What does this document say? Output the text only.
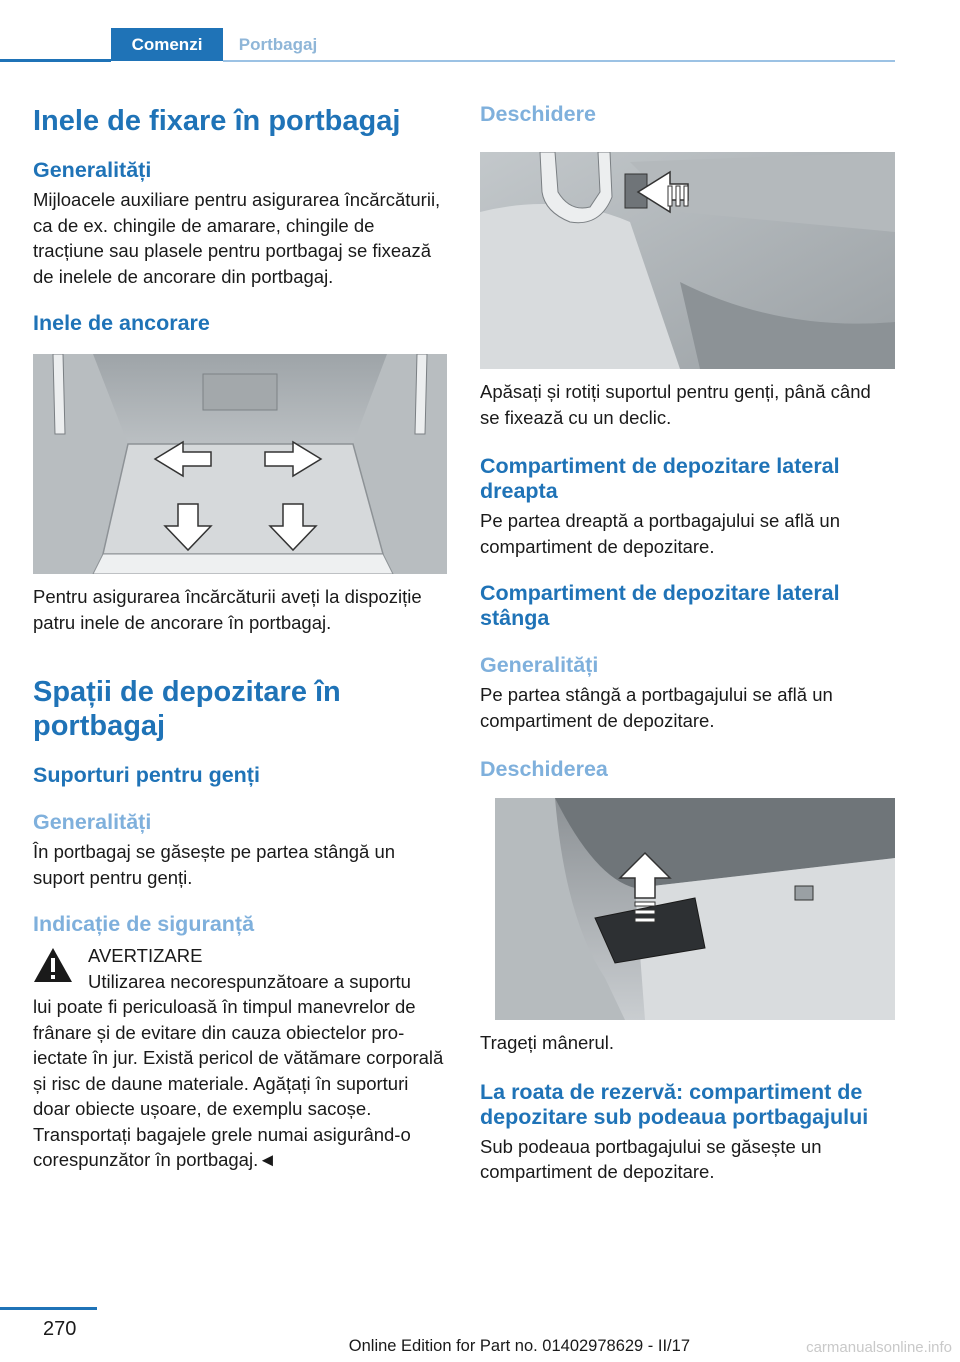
Comenzi	Portbagaj
Inele de fixare în portbagaj
Generalități
Mijloacele auxiliare pentru asigurarea încărcăturii, ca de ex. chingile de amarare, chingile de tracțiune sau plasele pentru portbagaj se fixează de inelele de ancorare din portbagaj.
Inele de ancorare
Pentru asigurarea încărcăturii aveți la dispoziție patru inele de ancorare în portbagaj.
Spații de depozitare în portbagaj
Suporturi pentru genți
Generalități
În portbagaj se găsește pe partea stângă un suport pentru genți.
Indicație de siguranță
AVERTIZARE
Utilizarea necorespunzătoare a suportu
lui poate fi periculoasă în timpul manevrelor de frânare și de evitare din cauza obiectelor proiectate în jur. Există pericol de vătămare corporală și risc de daune materiale. Agățați în suporturi doar obiecte ușoare, de exemplu sacoșe. Transportați bagajele grele numai asigurând-o corespunzător în portbagaj.◄
Deschidere
Apăsați și rotiți suportul pentru genți, până când se fixează cu un declic.
Compartiment de depozitare lateral dreapta
Pe partea dreaptă a portbagajului se află un compartiment de depozitare.
Compartiment de depozitare lateral stânga
Generalități
Pe partea stângă a portbagajului se află un compartiment de depozitare.
Deschiderea
Trageți mânerul.
La roata de rezervă: compartiment de depozitare sub podeaua portbagajului
Sub podeaua portbagajului se găsește un compartiment de depozitare.
270
Online Edition for Part no. 01402978629 - II/17	carmanualsonline.info
